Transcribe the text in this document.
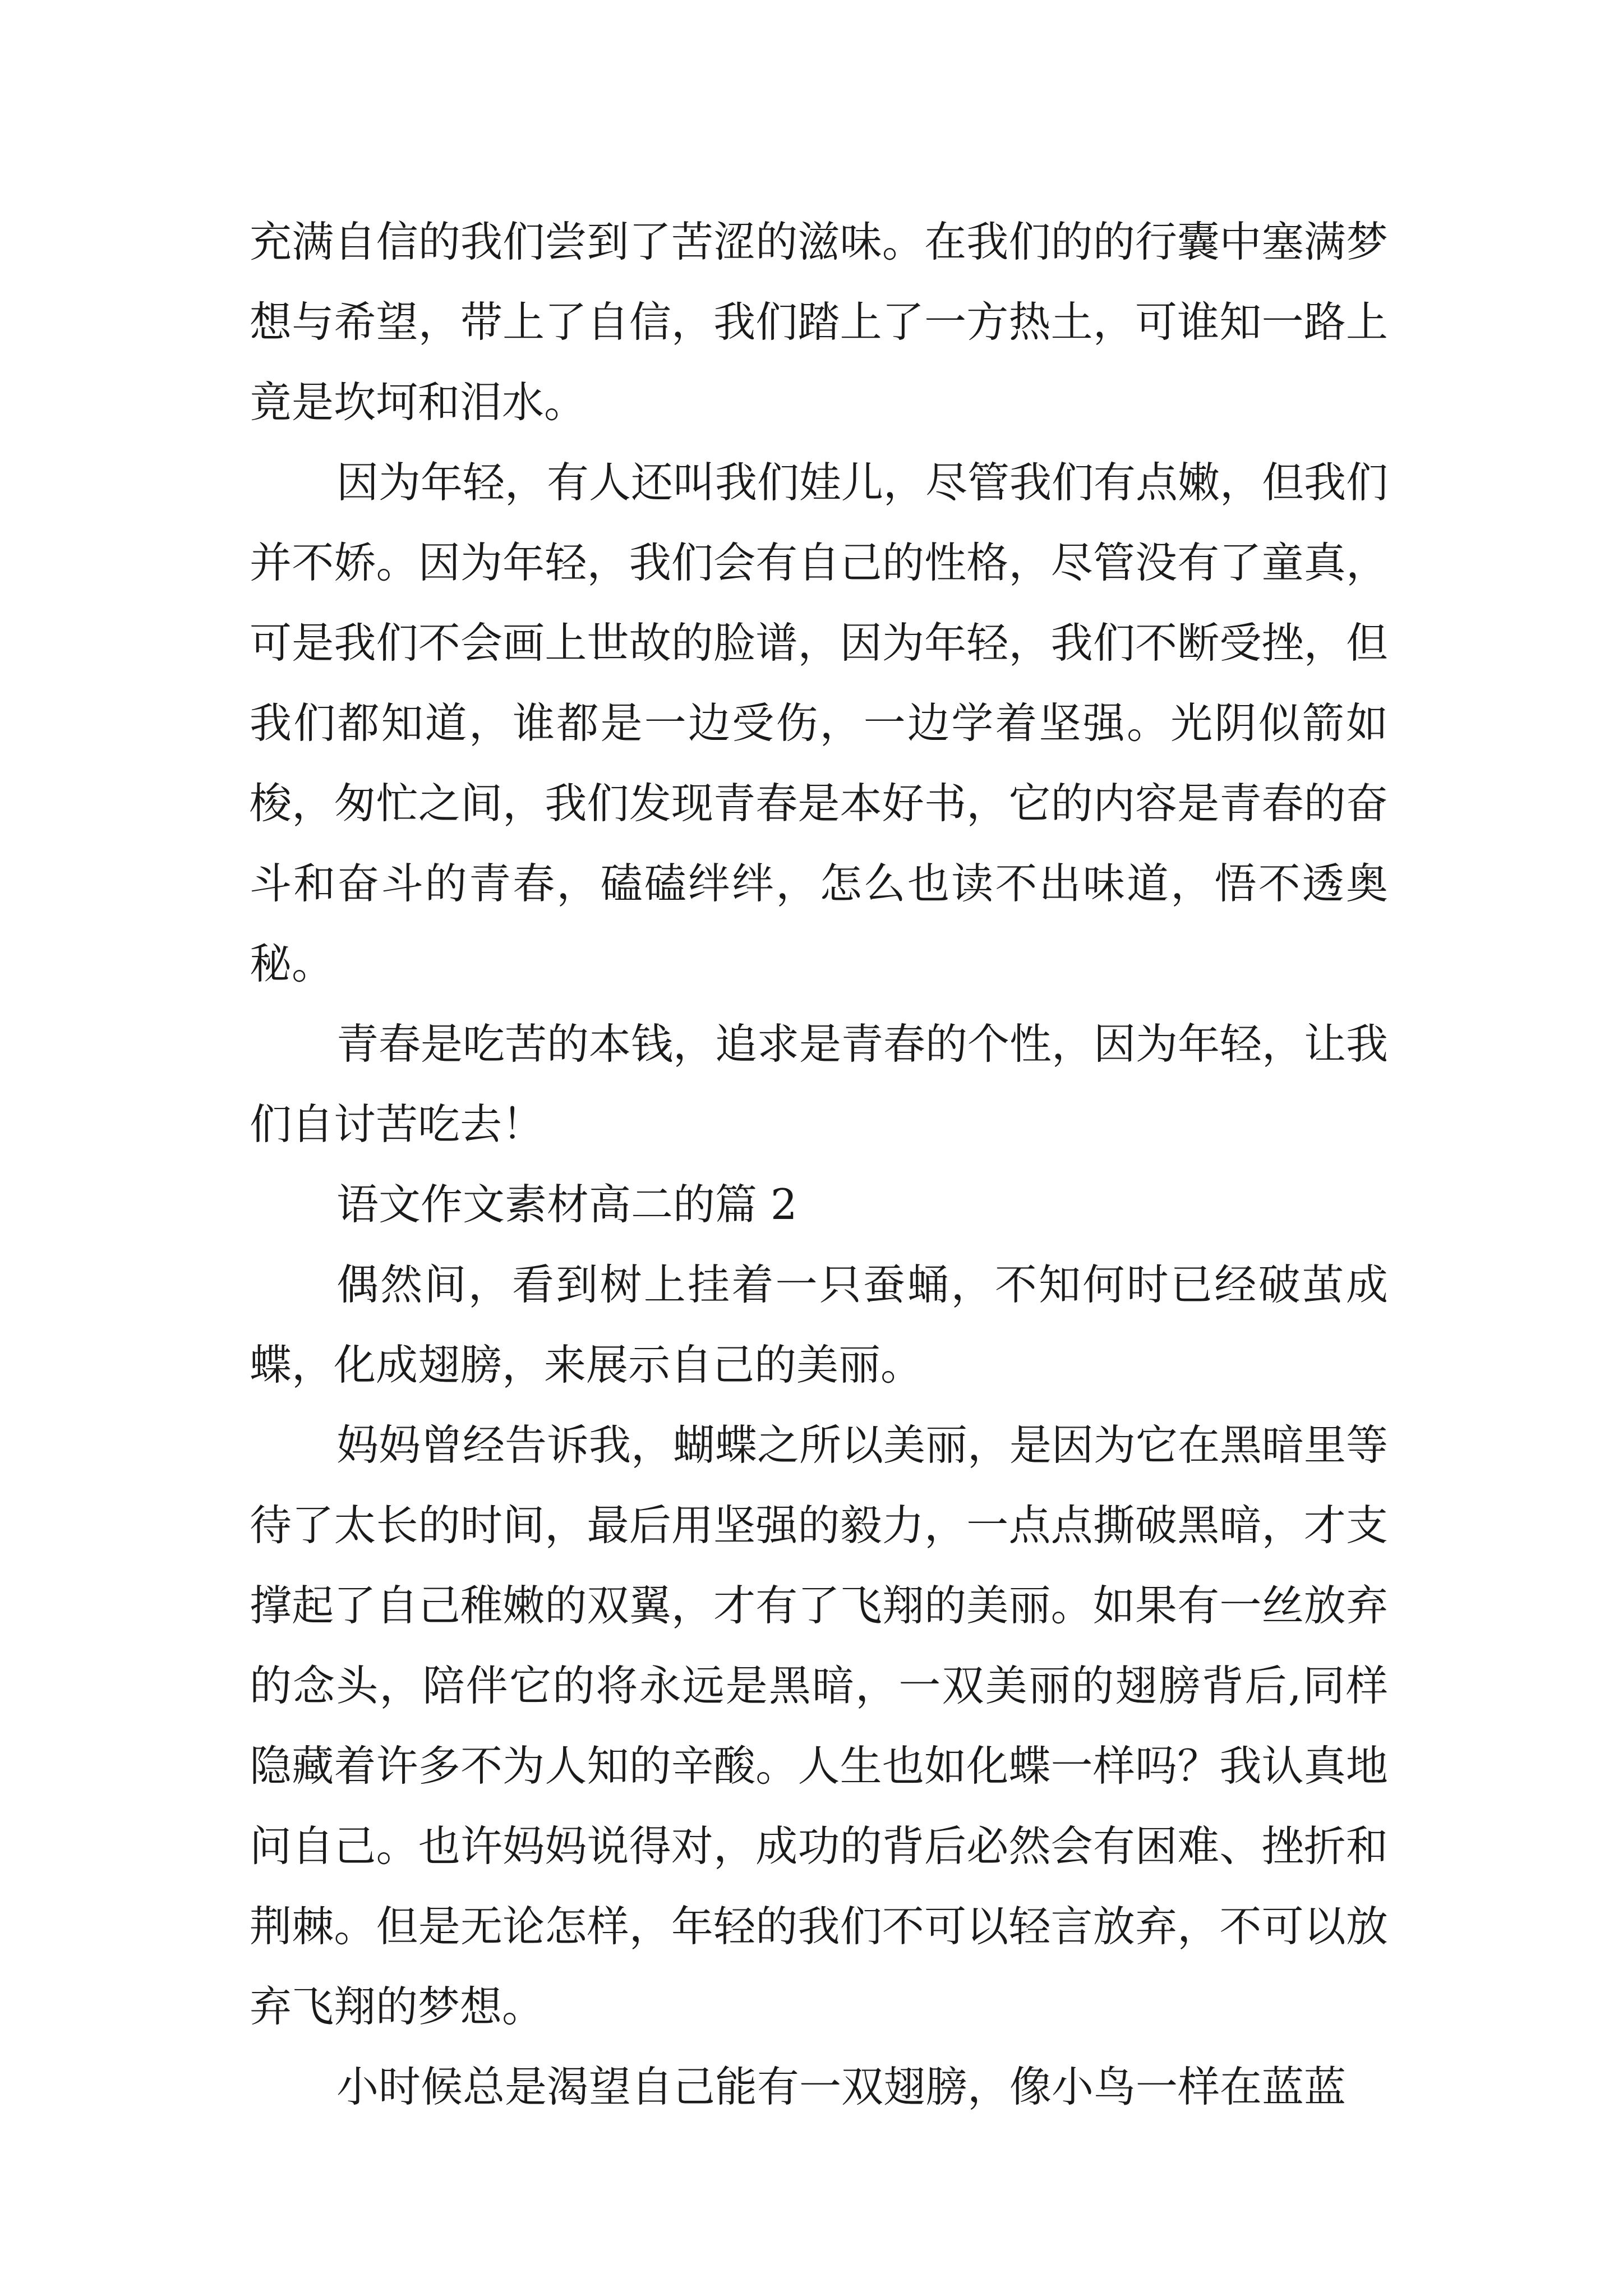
充满自信的我们尝到了苦涩的滋味。在我们的的行囊中塞满梦想与希望，带上了自信，我们踏上了一方热土，可谁知一路上竟是坎坷和泪水。

因为年轻，有人还叫我们娃儿，尽管我们有点嫩，但我们并不娇。因为年轻，我们会有自己的性格，尽管没有了童真，可是我们不会画上世故的脸谱，因为年轻，我们不断受挫，但我们都知道，谁都是一边受伤，一边学着坚强。光阴似箭如梭，匆忙之间，我们发现青春是本好书，它的内容是青春的奋斗和奋斗的青春，磕磕绊绊，怎么也读不出味道，悟不透奥秘。

青春是吃苦的本钱，追求是青春的个性，因为年轻，让我们自讨苦吃去！

语文作文素材高二的篇 2

偶然间，看到树上挂着一只蚕蛹，不知何时已经破茧成蝶，化成翅膀，来展示自己的美丽。

妈妈曾经告诉我，蝴蝶之所以美丽，是因为它在黑暗里等待了太长的时间，最后用坚强的毅力，一点点撕破黑暗，才支撑起了自己稚嫩的双翼，才有了飞翔的美丽。如果有一丝放弃的念头，陪伴它的将永远是黑暗，一双美丽的翅膀背后,同样隐藏着许多不为人知的辛酸。人生也如化蝶一样吗？我认真地问自己。也许妈妈说得对，成功的背后必然会有困难、挫折和荆棘。但是无论怎样，年轻的我们不可以轻言放弃，不可以放弃飞翔的梦想。

小时候总是渴望自己能有一双翅膀，像小鸟一样在蓝蓝
